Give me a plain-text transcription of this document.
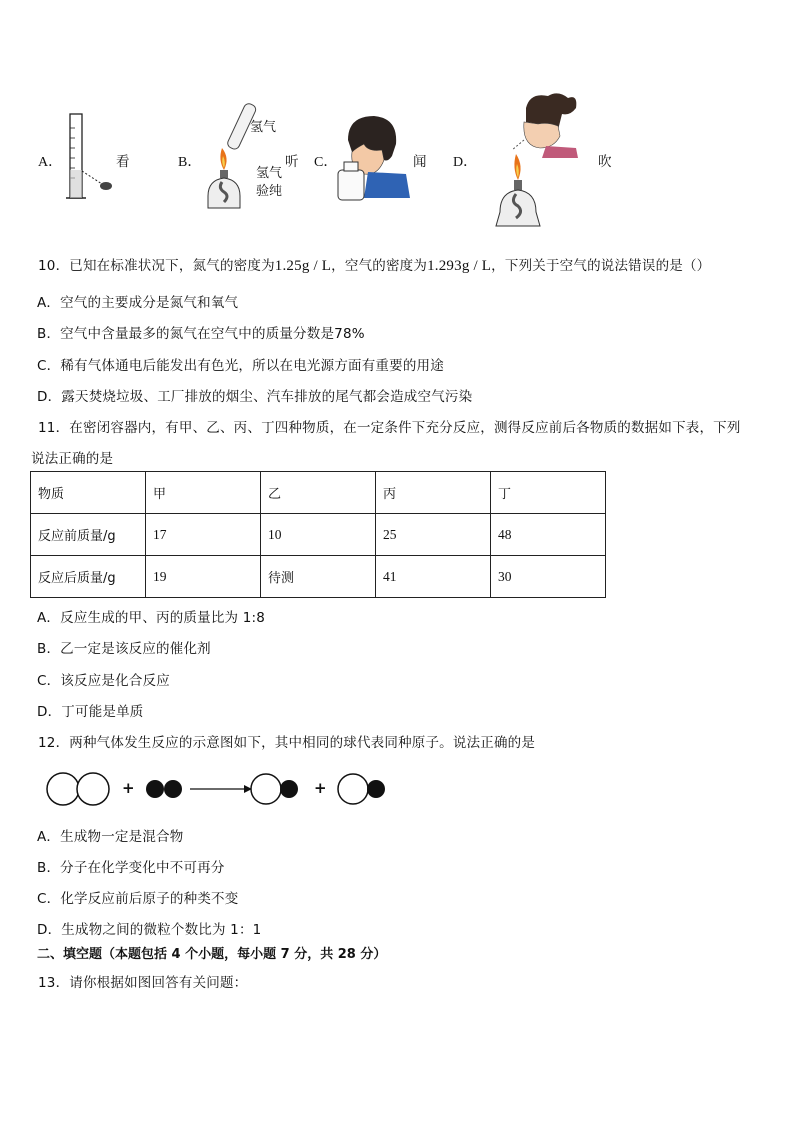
A．	看	B．
氢气
氢气验纯
听 C．	闻 D．	吹
10．已知在标准状况下，氮气的密度为1.25g / L，空气的密度为1.293g / L，下列关于空气的说法错误的是（）
A．空气的主要成分是氮气和氧气
B．空气中含量最多的氮气在空气中的质量分数是78%
C．稀有气体通电后能发出有色光，所以在电光源方面有重要的用途
D．露天焚烧垃圾、工厂排放的烟尘、汽车排放的尾气都会造成空气污染
11．在密闭容器内，有甲、乙、丙、丁四种物质，在一定条件下充分反应，测得反应前后各物质的数据如下表，下列
说法正确的是
物质	甲	乙	丙	丁
反应前质量/g	17	10	25	48
反应后质量/g	19	待测	41	30
A．反应生成的甲、丙的质量比为 1:8
B．乙一定是该反应的催化剂
C．该反应是化合反应
D．丁可能是单质
12．两种气体发生反应的示意图如下，其中相同的球代表同种原子。说法正确的是
+	+
A．生成物一定是混合物
B．分子在化学变化中不可再分
C．化学反应前后原子的种类不变
D．生成物之间的微粒个数比为 1：1
二、填空题（本题包括 4 个小题，每小题 7 分，共 28 分）
13．请你根据如图回答有关问题：
